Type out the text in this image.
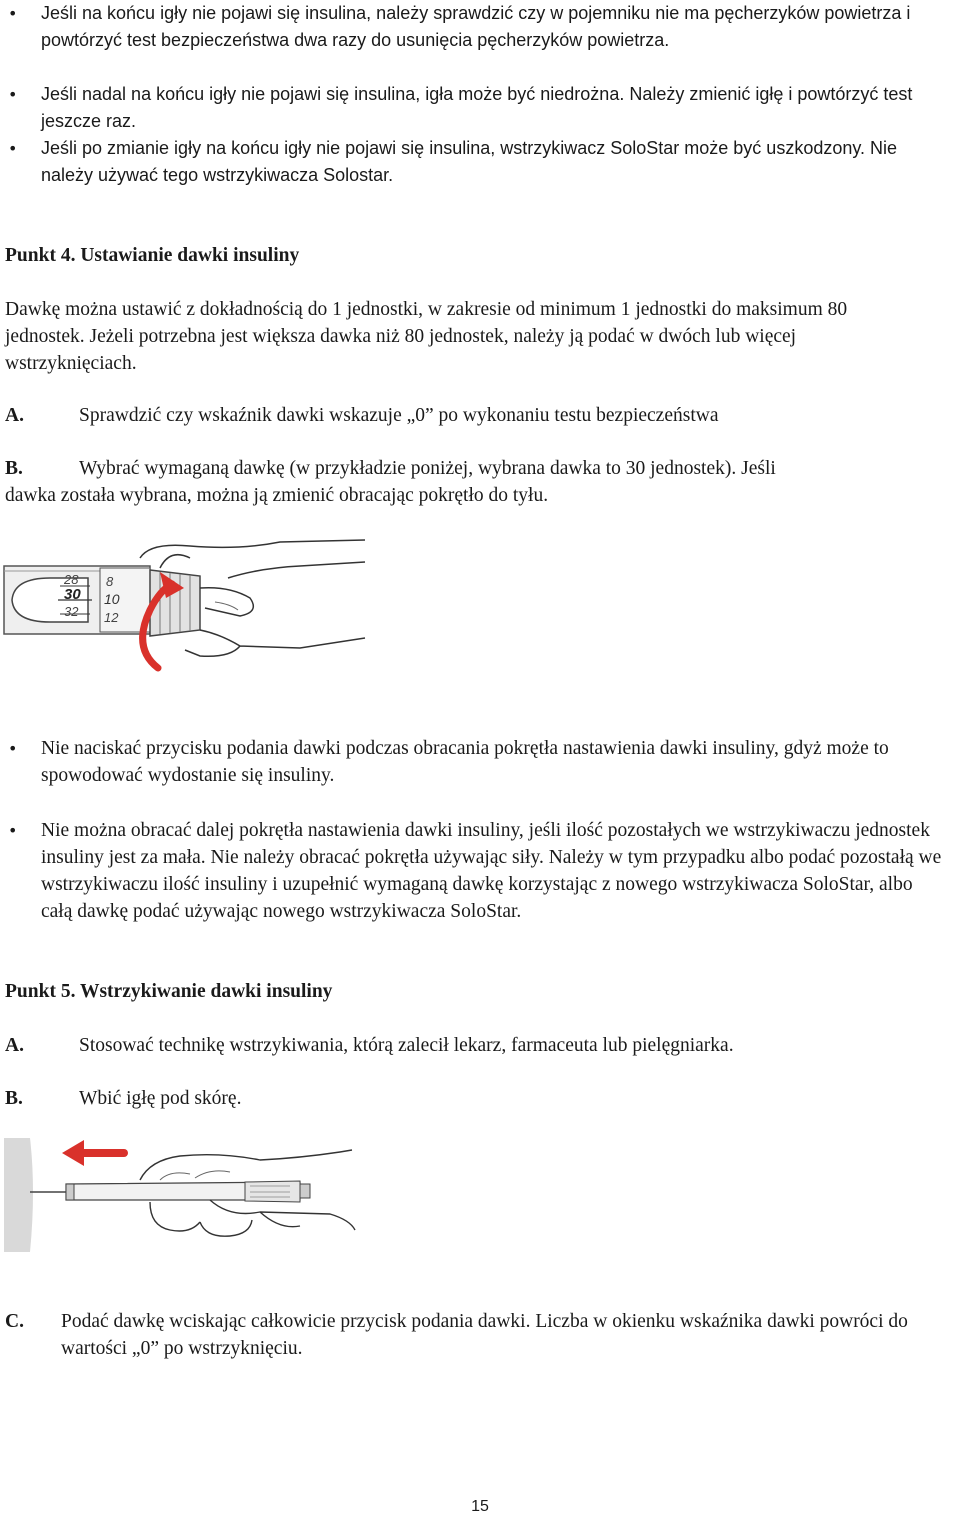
• Jeśli na końcu igły nie pojawi się insulina, należy sprawdzić czy w pojemniku nie ma pęcherzyków powietrza i powtórzyć test bezpieczeństwa dwa razy do usunięcia pęcherzyków powietrza.
• Jeśli nadal na końcu igły nie pojawi się insulina, igła może być niedrożna. Należy zmienić igłę i powtórzyć test jeszcze raz.
• Jeśli po zmianie igły na końcu igły nie pojawi się insulina, wstrzykiwacz SoloStar może być uszkodzony. Nie należy używać tego wstrzykiwacza Solostar.
Punkt 4. Ustawianie dawki insuliny
Dawkę można ustawić z dokładnością do 1 jednostki, w zakresie od minimum 1 jednostki do maksimum 80 jednostek. Jeżeli potrzebna jest większa dawka niż 80 jednostek, należy ją podać w dwóch lub więcej wstrzyknięciach.
A.	Sprawdzić czy wskaźnik dawki wskazuje „0” po wykonaniu testu bezpieczeństwa
B.	Wybrać wymaganą dawkę (w przykładzie poniżej, wybrana dawka to 30 jednostek). Jeśli
dawka została wybrana, można ją zmienić obracając pokrętło do tyłu.
28
30
32
8
10
12
• Nie naciskać przycisku podania dawki podczas obracania pokrętła nastawienia dawki insuliny, gdyż może to spowodować wydostanie się insuliny.
• Nie można obracać dalej pokrętła nastawienia dawki insuliny, jeśli ilość pozostałych we wstrzykiwaczu jednostek insuliny jest za mała. Nie należy obracać pokrętła używając siły. Należy w tym przypadku albo podać pozostałą we wstrzykiwaczu ilość insuliny i uzupełnić wymaganą dawkę korzystając z nowego wstrzykiwacza SoloStar, albo całą dawkę podać używając nowego wstrzykiwacza SoloStar.
Punkt 5. Wstrzykiwanie dawki insuliny
A.	Stosować technikę wstrzykiwania, którą zalecił lekarz, farmaceuta lub pielęgniarka.
B.	Wbić igłę pod skórę.
C. Podać dawkę wciskając całkowicie przycisk podania dawki. Liczba w okienku wskaźnika dawki powróci do wartości „0” po wstrzyknięciu.
15
